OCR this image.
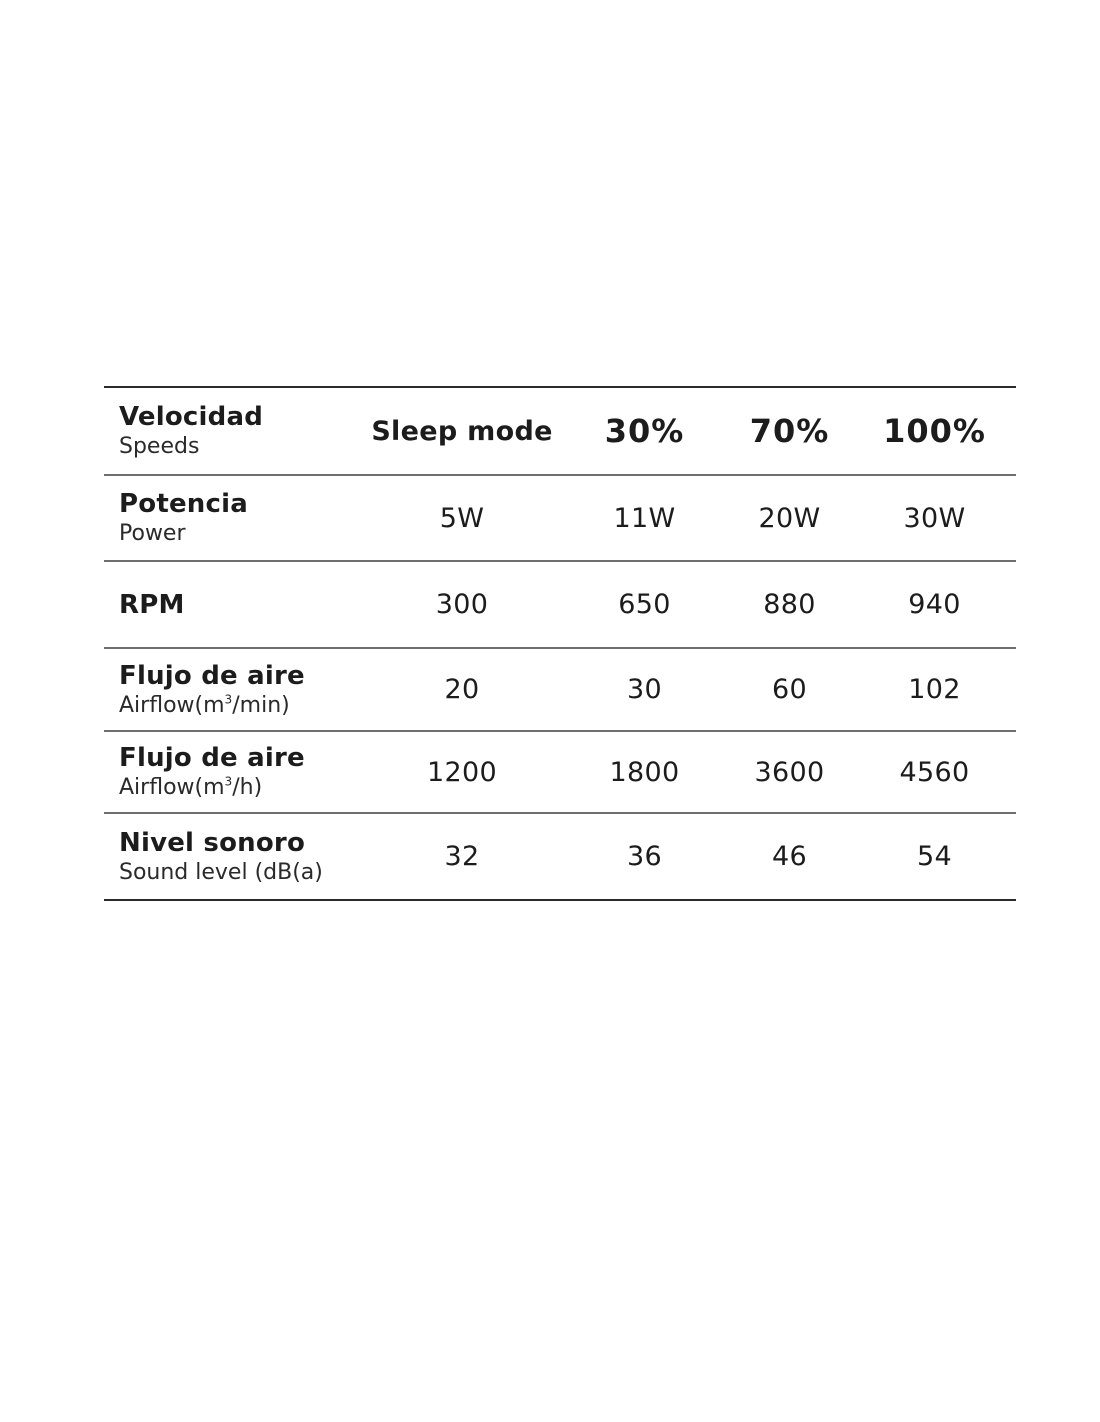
Velocidad
Speeds	Sleep mode	30%	70%	100%
Potencia
Power	5W	11W	20W	30W
RPM	300	650	880	940
Flujo de aire
$Airflow(m^3/\min)$	20	30	60	102
Flujo de aire
$Airflow(m^3/h)$	1200	1800	3600	4560
Nivel sonoro
Sound level (dB(a)	32	36	46	54
